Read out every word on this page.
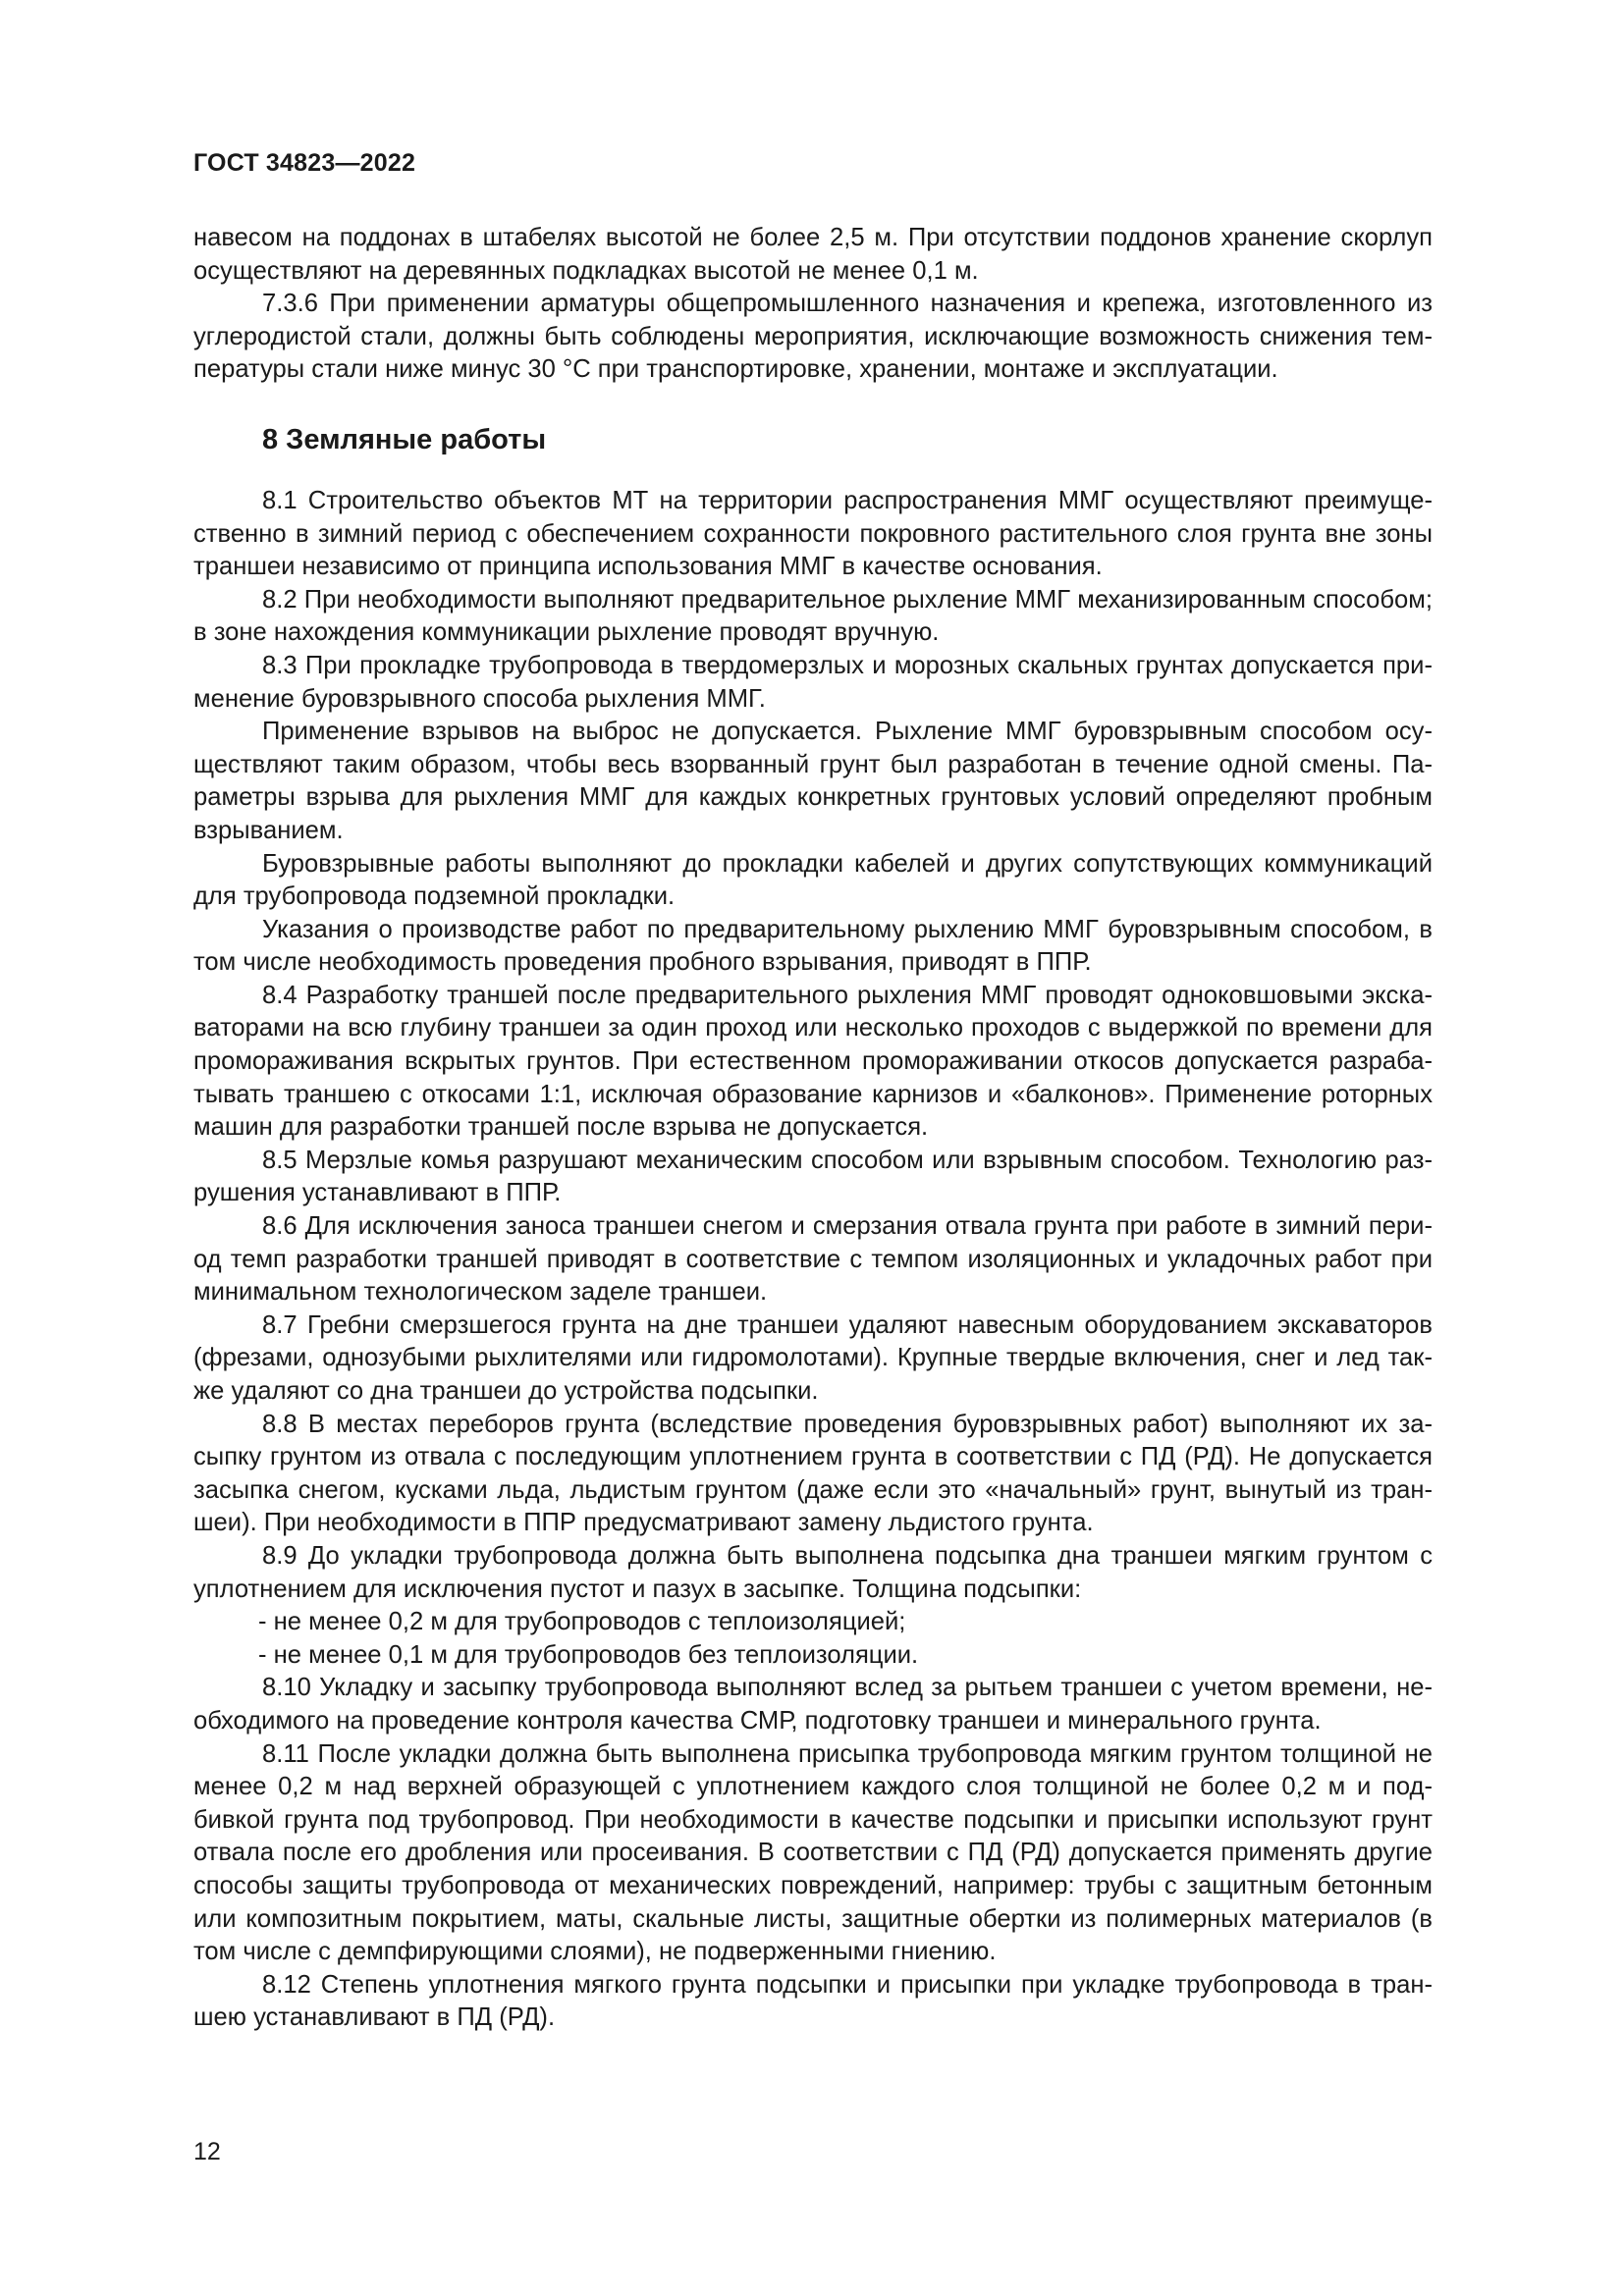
ГОСТ 34823—2022

навесом на поддонах в штабелях высотой не более 2,5 м. При отсутствии поддонов хранение скорлуп осуществляют на деревянных подкладках высотой не менее 0,1 м.

7.3.6 При применении арматуры общепромышленного назначения и крепежа, изготовленного из углеродистой стали, должны быть соблюдены мероприятия, исключающие возможность снижения температуры стали ниже минус 30 °С при транспортировке, хранении, монтаже и эксплуатации.

8 Земляные работы

8.1 Строительство объектов МТ на территории распространения ММГ осуществляют преимущественно в зимний период с обеспечением сохранности покровного растительного слоя грунта вне зоны траншеи независимо от принципа использования ММГ в качестве основания.

8.2 При необходимости выполняют предварительное рыхление ММГ механизированным способом; в зоне нахождения коммуникации рыхление проводят вручную.

8.3 При прокладке трубопровода в твердомерзлых и морозных скальных грунтах допускается применение буровзрывного способа рыхления ММГ.

Применение взрывов на выброс не допускается. Рыхление ММГ буровзрывным способом осуществляют таким образом, чтобы весь взорванный грунт был разработан в течение одной смены. Параметры взрыва для рыхления ММГ для каждых конкретных грунтовых условий определяют пробным взрыванием.

Буровзрывные работы выполняют до прокладки кабелей и других сопутствующих коммуникаций для трубопровода подземной прокладки.

Указания о производстве работ по предварительному рыхлению ММГ буровзрывным способом, в том числе необходимость проведения пробного взрывания, приводят в ППР.

8.4 Разработку траншей после предварительного рыхления ММГ проводят одноковшовыми экскаваторами на всю глубину траншеи за один проход или несколько проходов с выдержкой по времени для промораживания вскрытых грунтов. При естественном промораживании откосов допускается разрабатывать траншею с откосами 1:1, исключая образование карнизов и «балконов». Применение роторных машин для разработки траншей после взрыва не допускается.

8.5 Мерзлые комья разрушают механическим способом или взрывным способом. Технологию разрушения устанавливают в ППР.

8.6 Для исключения заноса траншеи снегом и смерзания отвала грунта при работе в зимний период темп разработки траншей приводят в соответствие с темпом изоляционных и укладочных работ при минимальном технологическом заделе траншеи.

8.7 Гребни смерзшегося грунта на дне траншеи удаляют навесным оборудованием экскаваторов (фрезами, однозубыми рыхлителями или гидромолотами). Крупные твердые включения, снег и лед также удаляют со дна траншеи до устройства подсыпки.

8.8 В местах переборов грунта (вследствие проведения буровзрывных работ) выполняют их засыпку грунтом из отвала с последующим уплотнением грунта в соответствии с ПД (РД). Не допускается засыпка снегом, кусками льда, льдистым грунтом (даже если это «начальный» грунт, вынутый из траншеи). При необходимости в ППР предусматривают замену льдистого грунта.

8.9 До укладки трубопровода должна быть выполнена подсыпка дна траншеи мягким грунтом с уплотнением для исключения пустот и пазух в засыпке. Толщина подсыпки:

- не менее 0,2 м для трубопроводов с теплоизоляцией;

- не менее 0,1 м для трубопроводов без теплоизоляции.

8.10 Укладку и засыпку трубопровода выполняют вслед за рытьем траншеи с учетом времени, необходимого на проведение контроля качества СМР, подготовку траншеи и минерального грунта.

8.11 После укладки должна быть выполнена присыпка трубопровода мягким грунтом толщиной не менее 0,2 м над верхней образующей с уплотнением каждого слоя толщиной не более 0,2 м и подбивкой грунта под трубопровод. При необходимости в качестве подсыпки и присыпки используют грунт отвала после его дробления или просеивания. В соответствии с ПД (РД) допускается применять другие способы защиты трубопровода от механических повреждений, например: трубы с защитным бетонным или композитным покрытием, маты, скальные листы, защитные обертки из полимерных материалов (в том числе с демпфирующими слоями), не подверженными гниению.

8.12 Степень уплотнения мягкого грунта подсыпки и присыпки при укладке трубопровода в траншею устанавливают в ПД (РД).

12
